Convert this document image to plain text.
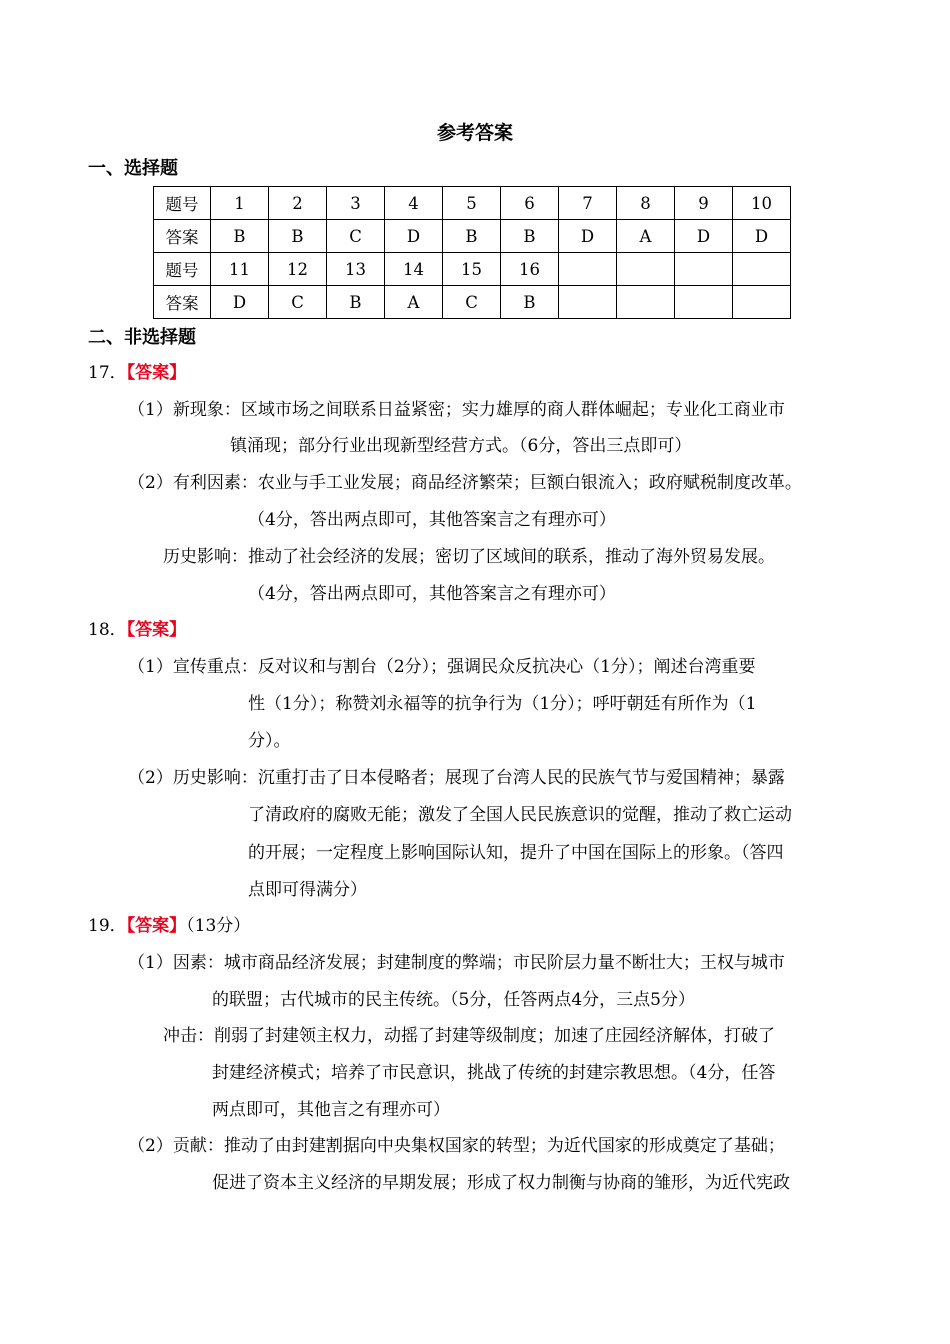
参考答案
一、选择题
题号	1	2	3	4	5	6	7	8	9	10
答案	B	B	C	D	B	B	D	A	D	D
题号	11	12	13	14	15	16				
答案	D	C	B	A	C	B				
二、非选择题
17．【答案】
（1）新现象：区域市场之间联系日益紧密；实力雄厚的商人群体崛起；专业化工商业市
镇涌现；部分行业出现新型经营方式。（6分，答出三点即可）
（2）有利因素：农业与手工业发展；商品经济繁荣；巨额白银流入；政府赋税制度改革。
（4分，答出两点即可，其他答案言之有理亦可）
历史影响：推动了社会经济的发展；密切了区域间的联系，推动了海外贸易发展。
（4分，答出两点即可，其他答案言之有理亦可）
18．【答案】
（1）宣传重点：反对议和与割台（2分）；强调民众反抗决心（1分）；阐述台湾重要
性（1分）；称赞刘永福等的抗争行为（1分）；呼吁朝廷有所作为（1
分）。
（2）历史影响：沉重打击了日本侵略者；展现了台湾人民的民族气节与爱国精神；暴露
了清政府的腐败无能；激发了全国人民民族意识的觉醒，推动了救亡运动
的开展；一定程度上影响国际认知，提升了中国在国际上的形象。（答四
点即可得满分）
19．【答案】（13分）
（1）因素：城市商品经济发展；封建制度的弊端；市民阶层力量不断壮大；王权与城市
的联盟；古代城市的民主传统。（5分，任答两点4分，三点5分）
冲击：削弱了封建领主权力，动摇了封建等级制度；加速了庄园经济解体，打破了
封建经济模式；培养了市民意识，挑战了传统的封建宗教思想。（4分，任答
两点即可，其他言之有理亦可）
（2）贡献：推动了由封建割据向中央集权国家的转型；为近代国家的形成奠定了基础；
促进了资本主义经济的早期发展；形成了权力制衡与协商的雏形，为近代宪政
